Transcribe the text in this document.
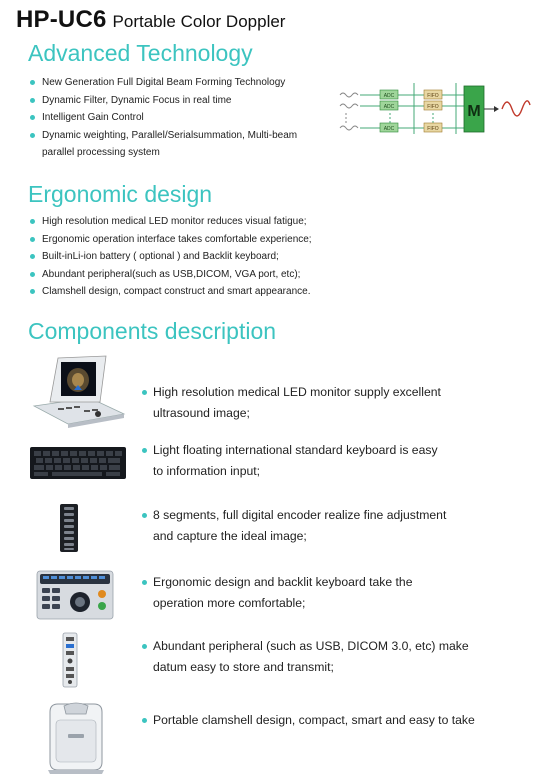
HP-UC6 Portable Color Doppler
Advanced Technology
New Generation Full Digital Beam Forming Technology
Dynamic Filter, Dynamic Focus in real time
Intelligent Gain Control
Dynamic weighting, Parallel/Serialsummation, Multi-beam
parallel processing system
ADC
ADC
ADC
FIFO
FIFO
FIFO
M
Ergonomic design
High resolution medical LED monitor reduces visual fatigue;
Ergonomic operation interface takes comfortable experience;
Built-inLi-ion battery ( optional ) and Backlit keyboard;
Abundant peripheral(such as USB,DICOM, VGA port, etc);
Clamshell design, compact construct and smart appearance.
Components description
High resolution medical LED monitor supply excellent
ultrasound image;
Light floating international standard keyboard is easy
to information input;
8 segments, full digital encoder realize fine adjustment
and capture the ideal image;
Ergonomic design and backlit keyboard take the
operation more comfortable;
Abundant peripheral (such as USB, DICOM 3.0, etc) make
datum easy to store and transmit;
Portable clamshell design, compact, smart and easy to take
